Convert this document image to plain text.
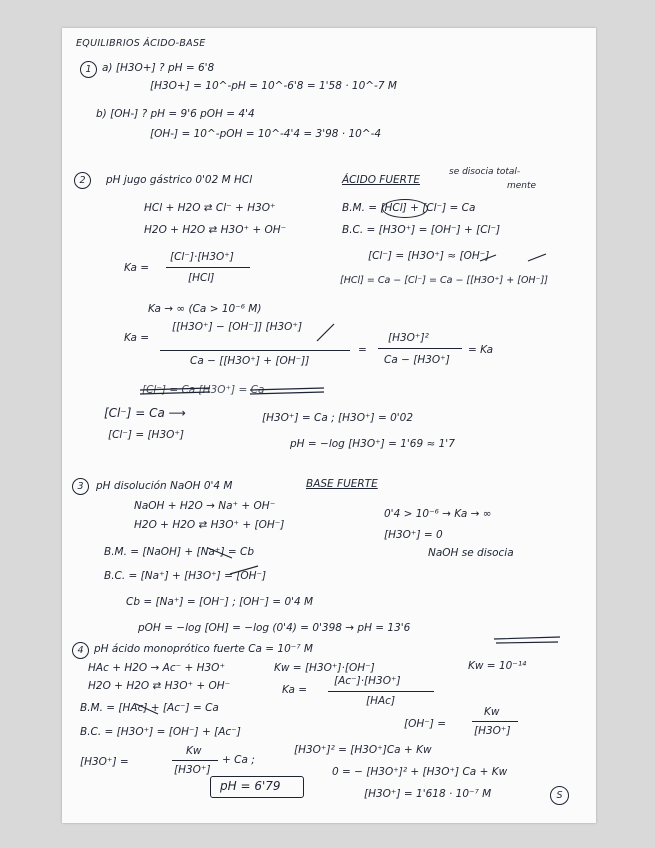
EQUILIBRIOS ÁCIDO-BASE
1 a) [H3O+] ? pH = 6'8
[H3O+] = 10^-pH = 10^-6'8 = 1'58 · 10^-7 M
b) [OH-] ? pH = 9'6 pOH = 4'4
[OH-] = 10^-pOH = 10^-4'4 = 3'98 · 10^-4
2	pH jugo gástrico 0'02 M HCl	ÁCIDO FUERTE
se disocia total-
mente
HCl + H2O ⇄ Cl⁻ + H3O⁺
H2O + H2O ⇄ H3O⁺ + OH⁻
B.M. = [HCl] + [Cl⁻] = Ca
B.C. = [H3O⁺] = [OH⁻] + [Cl⁻]
Ka =
[Cl⁻]·[H3O⁺]
[HCl]
[Cl⁻] = [H3O⁺] ≈ [OH⁻]
[HCl] = Ca − [Cl⁻] = Ca − [[H3O⁺] + [OH⁻]]
Ka → ∞ (Ca > 10⁻⁶ M)
Ka =
[[H3O⁺] − [OH⁻]] [H3O⁺]
Ca − [[H3O⁺] + [OH⁻]]
=
[H3O⁺]²
Ca − [H3O⁺]
= Ka
[Cl⁻] = Ca [H3O⁺] = Ca
[Cl⁻] = Ca ⟶
[Cl⁻] = [H3O⁺]
[H3O⁺] = Ca ; [H3O⁺] = 0'02
pH = −log [H3O⁺] = 1'69 ≈ 1'7
3	pH disolución NaOH 0'4 M	BASE FUERTE
NaOH + H2O → Na⁺ + OH⁻
H2O + H2O ⇄ H3O⁺ + [OH⁻]
0'4 > 10⁻⁶ → Ka → ∞
[H3O⁺] = 0
NaOH se disocia
B.M. = [NaOH] + [Na⁺] = Cb
B.C. = [Na⁺] + [H3O⁺] = [OH⁻]
Cb = [Na⁺] = [OH⁻] ; [OH⁻] = 0'4 M
pOH = −log [OH] = −log (0'4) = 0'398 → pH = 13'6
4 pH ácido monoprótico fuerte Ca = 10⁻⁷ M
HAc + H2O → Ac⁻ + H3O⁺
H2O + H2O ⇄ H3O⁺ + OH⁻
Kw = [H3O⁺]·[OH⁻]	Kw = 10⁻¹⁴
Ka =
[Ac⁻]·[H3O⁺]
[HAc]
B.M. = [HAc] + [Ac⁻] = Ca
B.C. = [H3O⁺] = [OH⁻] + [Ac⁻]
[OH⁻] =
Kw
[H3O⁺]
[H3O⁺] =
Kw
[H3O⁺]
+ Ca ;
[H3O⁺]² = [H3O⁺]Ca + Kw
0 = − [H3O⁺]² + [H3O⁺] Ca + Kw
pH = 6'79
[H3O⁺] = 1'618 · 10⁻⁷ M	S
